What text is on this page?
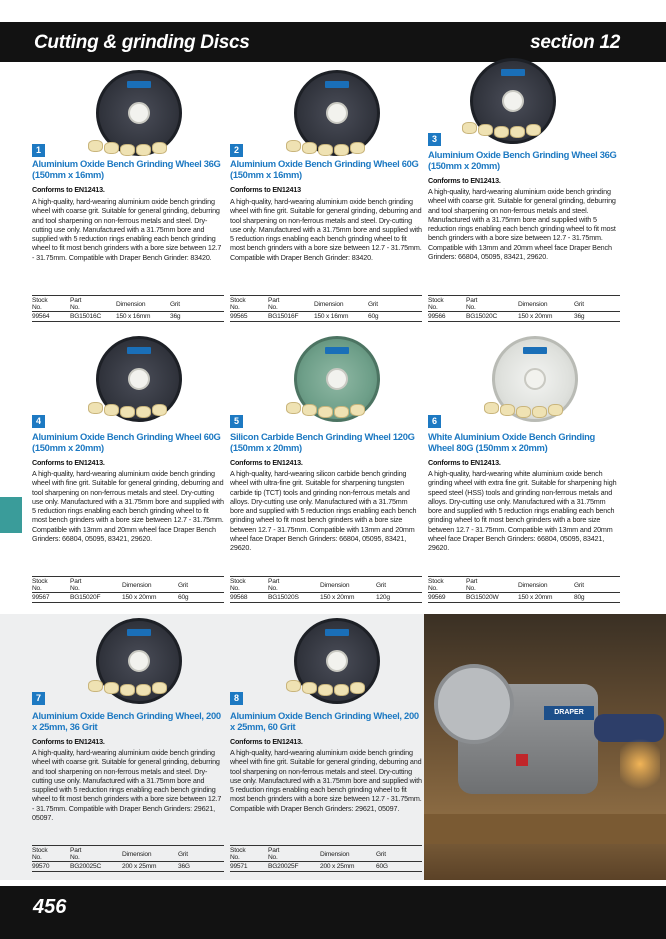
Cutting & grinding Discs	section 12
1
Aluminium Oxide Bench Grinding Wheel 36G (150mm x 16mm)
Conforms to EN12413.
A high-quality, hard-wearing aluminium oxide bench grinding wheel with coarse grit. Suitable for general grinding, deburring and tool sharpening on non-ferrous metals and steel. Dry-cutting use only. Manufactured with a 31.75mm bore and supplied with 5 reduction rings enabling each bench grinding wheel to fit most bench grinders with a bore size between 12.7 - 31.75mm. Compatible with Draper Bench Grinder: 83420.
Stock
No.
Part
No.	Dimension	Grit
99564	BG15016C 150 x 16mm	36g
2
Aluminium Oxide Bench Grinding Wheel 60G (150mm x 16mm)
Conforms to EN12413
A high-quality, hard-wearing aluminium oxide bench grinding wheel with fine grit. Suitable for general grinding, deburring and tool sharpening on non-ferrous metals and steel. Dry-cutting use only. Manufactured with a 31.75mm bore and supplied with 5 reduction rings enabling each bench grinding wheel to fit most bench grinders with a bore size between 12.7 - 31.75mm. Compatible with Draper Bench Grinder: 83420.
Stock
No.
Part
No.	Dimension	Grit
99565	BG15016F 150 x 16mm	60g
3
Aluminium Oxide Bench Grinding Wheel 36G (150mm x 20mm)
Conforms to EN12413.
A high-quality, hard-wearing aluminium oxide bench grinding wheel with coarse grit. Suitable for general grinding, deburring and tool sharpening on non-ferrous metals and steel. Manufactured with a 31.75mm bore and supplied with 5 reduction rings enabling each bench grinding wheel to fit most bench grinders with a bore size between 12.7 - 31.75mm. Compatible with 13mm and 20mm wheel face Draper Bench Grinders: 66804, 05095, 83421, 29620.
Stock
No.
Part
No.	Dimension	Grit
99566	BG15020C	150 x 20mm	36g
4
Aluminium Oxide Bench Grinding Wheel 60G (150mm x 20mm)
Conforms to EN12413.
A high-quality, hard-wearing aluminium oxide bench grinding wheel with fine grit. Suitable for general grinding, deburring and tool sharpening on non-ferrous metals and steel. Dry-cutting use only. Manufactured with a 31.75mm bore and supplied with 5 reduction rings enabling each bench grinding wheel to fit most bench grinders with a bore size between 12.7 - 31.75mm. Compatible with 13mm and 20mm wheel face Draper Bench Grinders: 66804, 05095, 83421, 29620.
Stock
No.
Part
No.	Dimension	Grit
99567	BG15020F	150 x 20mm	60g
5
Silicon Carbide Bench Grinding Wheel 120G (150mm x 20mm)
Conforms to EN12413.
A high-quality, hard-wearing silicon carbide bench grinding wheel with ultra-fine grit. Suitable for sharpening tungsten carbide tip (TCT) tools and grinding non-ferrous metals and alloys. Dry-cutting use only. Manufactured with a 31.75mm bore and supplied with 5 reduction rings enabling each bench grinding wheel to fit most bench grinders with a bore size between 12.7 - 31.75mm. Compatible with 13mm and 20mm wheel face Draper Bench Grinders: 66804, 05095, 83421, 29620.
Stock
No.
Part
No.	Dimension	Grit
99568	BG15020S	150 x 20mm	120g
6
White Aluminium Oxide Bench Grinding Wheel 80G (150mm x 20mm)
Conforms to EN12413.
A high-quality, hard-wearing white aluminium oxide bench grinding wheel with extra fine grit. Suitable for sharpening high speed steel (HSS) tools and grinding non-ferrous metals and alloys. Dry-cutting use only. Manufactured with a 31.75mm bore and supplied with 5 reduction rings enabling each bench grinding wheel to fit most bench grinders with a bore size between 12.7 - 31.75mm. Compatible with 13mm and 20mm wheel face Draper Bench Grinders: 66804, 05095, 83421, 29620.
Stock
No.
Part
No.	Dimension	Grit
99569	BG15020W	150 x 20mm	80g
7
Aluminium Oxide Bench Grinding Wheel, 200 x 25mm, 36 Grit
Conforms to EN12413.
A high-quality, hard-wearing aluminium oxide bench grinding wheel with coarse grit. Suitable for general grinding, deburring and tool sharpening on non-ferrous metals and steel. Dry-cutting use only. Manufactured with a 31.75mm bore and supplied with 5 reduction rings enabling each bench grinding wheel to fit most bench grinders with a bore size between 12.7 - 31.75mm. Compatible with Draper Bench Grinders: 29621, 05097.
Stock
No.
Part
No.	Dimension	Grit
99570	BG20025C	200 x 25mm	36G
8
Aluminium Oxide Bench Grinding Wheel, 200 x 25mm, 60 Grit
Conforms to EN12413.
A high-quality, hard-wearing aluminium oxide bench grinding wheel with fine grit. Suitable for general grinding, deburring and tool sharpening on non-ferrous metals and steel. Dry-cutting use only. Manufactured with a 31.75mm bore and supplied with 5 reduction rings enabling each bench grinding wheel to fit most bench grinders with a bore size between 12.7 - 31.75mm. Compatible with Draper Bench Grinders: 29621, 05097.
Stock
No.
Part
No.	Dimension	Grit
99571	BG20025F	200 x 25mm	60G
DRAPER
456
